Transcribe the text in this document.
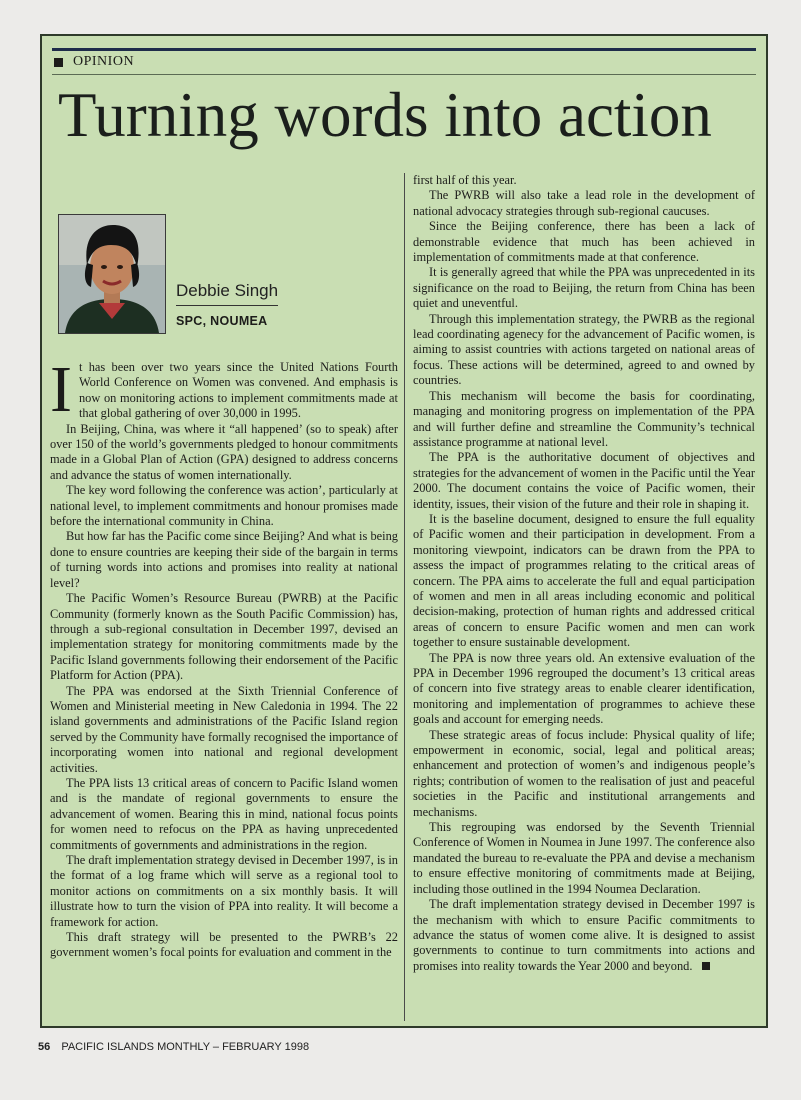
OPINION
Turning words into action
Debbie Singh
SPC, NOUMEA

It has been over two years since the United Nations Fourth World Conference on Women was convened. And emphasis is now on monitoring actions to implement commitments made at that global gathering of over 30,000 in 1995.

In Beijing, China, was where it “all happened’ (so to speak) after over 150 of the world’s governments pledged to honour commitments made in a Global Plan of Action (GPA) designed to address concerns and advance the status of women internationally.

The key word following the conference was action’, particularly at national level, to implement commitments and honour promises made before the international community in China.

But how far has the Pacific come since Beijing? And what is being done to ensure countries are keeping their side of the bargain in terms of turning words into actions and promises into reality at national level?

The Pacific Women’s Resource Bureau (PWRB) at the Pacific Community (formerly known as the South Pacific Commission) has, through a sub-regional consultation in December 1997, devised an implementation strategy for monitoring commitments made by the Pacific Island governments following their endorsement of the Pacific Platform for Action (PPA).

The PPA was endorsed at the Sixth Triennial Conference of Women and Ministerial meeting in New Caledonia in 1994. The 22 island governments and administrations of the Pacific Island region served by the Community have formally recognised the importance of incorporating women into national and regional development activities.

The PPA lists 13 critical areas of concern to Pacific Island women and is the mandate of regional governments to ensure the advancement of women. Bearing this in mind, national focus points for women need to refocus on the PPA as having unprecedented commitments of governments and administrations in the region.

The draft implementation strategy devised in December 1997, is in the format of a log frame which will serve as a regional tool to monitor actions on commitments on a six monthly basis. It will illustrate how to turn the vision of PPA into reality. It will become a framework for action.

This draft strategy will be presented to the PWRB’s 22 government women’s focal points for evaluation and comment in the

first half of this year.

The PWRB will also take a lead role in the development of national advocacy strategies through sub-regional caucuses.

Since the Beijing conference, there has been a lack of demonstrable evidence that much has been achieved in implementation of commitments made at that conference.

It is generally agreed that while the PPA was unprecedented in its significance on the road to Beijing, the return from China has been quiet and uneventful.

Through this implementation strategy, the PWRB as the regional lead coordinating agenecy for the advancement of Pacific women, is aiming to assist countries with actions targeted on national areas of focus. These actions will be determined, agreed to and owned by countries.

This mechanism will become the basis for coordinating, managing and monitoring progress on implementation of the PPA and will further define and streamline the Community’s technical assistance programme at national level.

The PPA is the authoritative document of objectives and strategies for the advancement of women in the Pacific until the Year 2000. The document contains the voice of Pacific women, their identity, issues, their vision of the future and their role in shaping it.

It is the baseline document, designed to ensure the full equality of Pacific women and their participation in development. From a monitoring viewpoint, indicators can be drawn from the PPA to assess the impact of programmes relating to the critical areas of concern. The PPA aims to accelerate the full and equal participation of women and men in all areas including economic and political decision-making, protection of human rights and addressed critical areas of concern to ensure Pacific women and men can work together to ensure sustainable development.

The PPA is now three years old. An extensive evaluation of the PPA in December 1996 regrouped the document’s 13 critical areas of concern into five strategy areas to enable clearer identification, monitoring and implementation of programmes to achieve these goals and account for emerging needs.

These strategic areas of focus include: Physical quality of life; empowerment in economic, social, legal and political areas; enhancement and protection of women’s and indigenous people’s rights; contribution of women to the realisation of just and peaceful societies in the Pacific and institutional arrangements and mechanisms.

This regrouping was endorsed by the Seventh Triennial Conference of Women in Noumea in June 1997. The conference also mandated the bureau to re-evaluate the PPA and devise a mechanism to ensure effective monitoring of commitments made at Beijing, including those outlined in the 1994 Noumea Declaration.

The draft implementation strategy devised in December 1997 is the mechanism with which to ensure Pacific commitments to advance the status of women come alive. It is designed to assist governments to continue to turn commitments into actions and promises into reality towards the Year 2000 and beyond.

56 PACIFIC ISLANDS MONTHLY – FEBRUARY 1998
